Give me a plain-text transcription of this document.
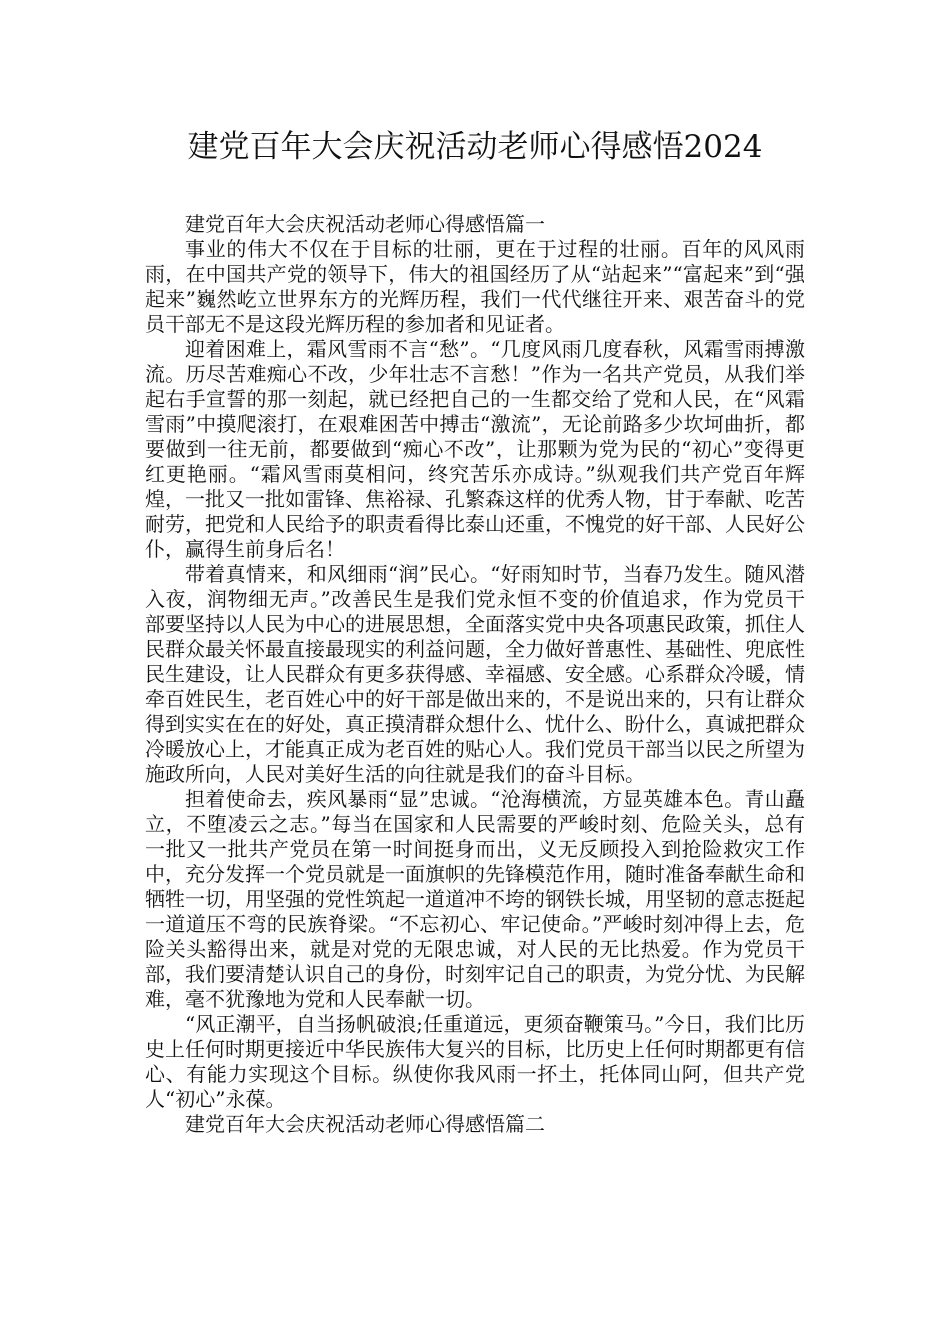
建党百年大会庆祝活动老师心得感悟2024

建党百年大会庆祝活动老师心得感悟篇一

事业的伟大不仅在于目标的壮丽，更在于过程的壮丽。百年的风风雨雨，在中国共产党的领导下，伟大的祖国经历了从“站起来”“富起来”到“强起来”巍然屹立世界东方的光辉历程，我们一代代继往开来、艰苦奋斗的党员干部无不是这段光辉历程的参加者和见证者。

迎着困难上，霜风雪雨不言“愁”。“几度风雨几度春秋，风霜雪雨搏激流。历尽苦难痴心不改，少年壮志不言愁！”作为一名共产党员，从我们举起右手宣誓的那一刻起，就已经把自己的一生都交给了党和人民，在“风霜雪雨”中摸爬滚打，在艰难困苦中搏击“激流”，无论前路多少坎坷曲折，都要做到一往无前，都要做到“痴心不改”，让那颗为党为民的“初心”变得更红更艳丽。“霜风雪雨莫相问，终究苦乐亦成诗。”纵观我们共产党百年辉煌，一批又一批如雷锋、焦裕禄、孔繁森这样的优秀人物，甘于奉献、吃苦耐劳，把党和人民给予的职责看得比泰山还重，不愧党的好干部、人民好公仆，赢得生前身后名！

带着真情来，和风细雨“润”民心。“好雨知时节，当春乃发生。随风潜入夜，润物细无声。”改善民生是我们党永恒不变的价值追求，作为党员干部要坚持以人民为中心的进展思想，全面落实党中央各项惠民政策，抓住人民群众最关怀最直接最现实的利益问题，全力做好普惠性、基础性、兜底性民生建设，让人民群众有更多获得感、幸福感、安全感。心系群众冷暖，情牵百姓民生，老百姓心中的好干部是做出来的，不是说出来的，只有让群众得到实实在在的好处，真正摸清群众想什么、忧什么、盼什么，真诚把群众冷暖放心上，才能真正成为老百姓的贴心人。我们党员干部当以民之所望为施政所向，人民对美好生活的向往就是我们的奋斗目标。

担着使命去，疾风暴雨“显”忠诚。“沧海横流，方显英雄本色。青山矗立，不堕凌云之志。”每当在国家和人民需要的严峻时刻、危险关头，总有一批又一批共产党员在第一时间挺身而出，义无反顾投入到抢险救灾工作中，充分发挥一个党员就是一面旗帜的先锋模范作用，随时准备奉献生命和牺牲一切，用坚强的党性筑起一道道冲不垮的钢铁长城，用坚韧的意志挺起一道道压不弯的民族脊梁。“不忘初心、牢记使命。”严峻时刻冲得上去，危险关头豁得出来，就是对党的无限忠诚，对人民的无比热爱。作为党员干部，我们要清楚认识自己的身份，时刻牢记自己的职责，为党分忧、为民解难，毫不犹豫地为党和人民奉献一切。

“风正潮平，自当扬帆破浪;任重道远，更须奋鞭策马。”今日，我们比历史上任何时期更接近中华民族伟大复兴的目标，比历史上任何时期都更有信心、有能力实现这个目标。纵使你我风雨一抔土，托体同山阿，但共产党人“初心”永葆。

建党百年大会庆祝活动老师心得感悟篇二
